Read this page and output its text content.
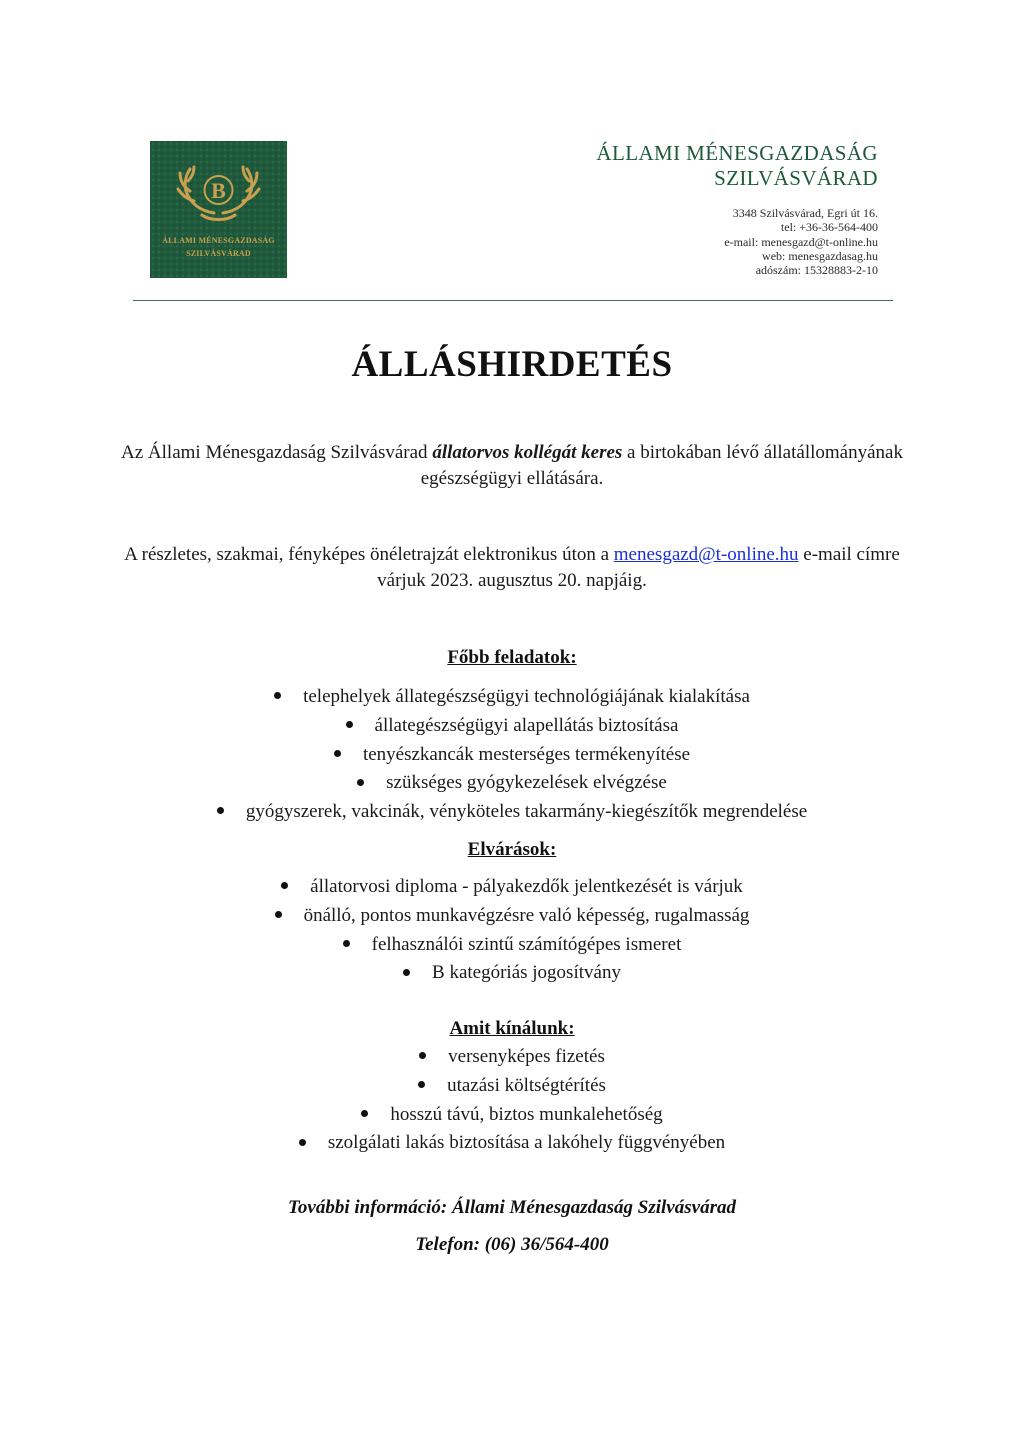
B
ÁLLAMI MÉNESGAZDASÁG
SZILVÁSVÁRAD
ÁLLAMI MÉNESGAZDASÁG
SZILVÁSVÁRAD
3348 Szilvásvárad, Egri út 16.
tel: +36-36-564-400
e-mail: menesgazd@t-online.hu
web: menesgazdasag.hu
adószám: 15328883-2-10
ÁLLÁSHIRDETÉS
Az Állami Ménesgazdaság Szilvásvárad állatorvos kollégát keres a birtokában lévő állatállományának egészségügyi ellátására.
A részletes, szakmai, fényképes önéletrajzát elektronikus úton a menesgazd@t-online.hu e-mail címre várjuk 2023. augusztus 20. napjáig.
Főbb feladatok:
telephelyek állategészségügyi technológiájának kialakítása
állategészségügyi alapellátás biztosítása
tenyészkancák mesterséges termékenyítése
szükséges gyógykezelések elvégzése
gyógyszerek, vakcinák, vényköteles takarmány-kiegészítők megrendelése
Elvárások:
állatorvosi diploma - pályakezdők jelentkezését is várjuk
önálló, pontos munkavégzésre való képesség, rugalmasság
felhasználói szintű számítógépes ismeret
B kategóriás jogosítvány
Amit kínálunk:
versenyképes fizetés
utazási költségtérítés
hosszú távú, biztos munkalehetőség
szolgálati lakás biztosítása a lakóhely függvényében
További információ: Állami Ménesgazdaság Szilvásvárad
Telefon: (06) 36/564-400
